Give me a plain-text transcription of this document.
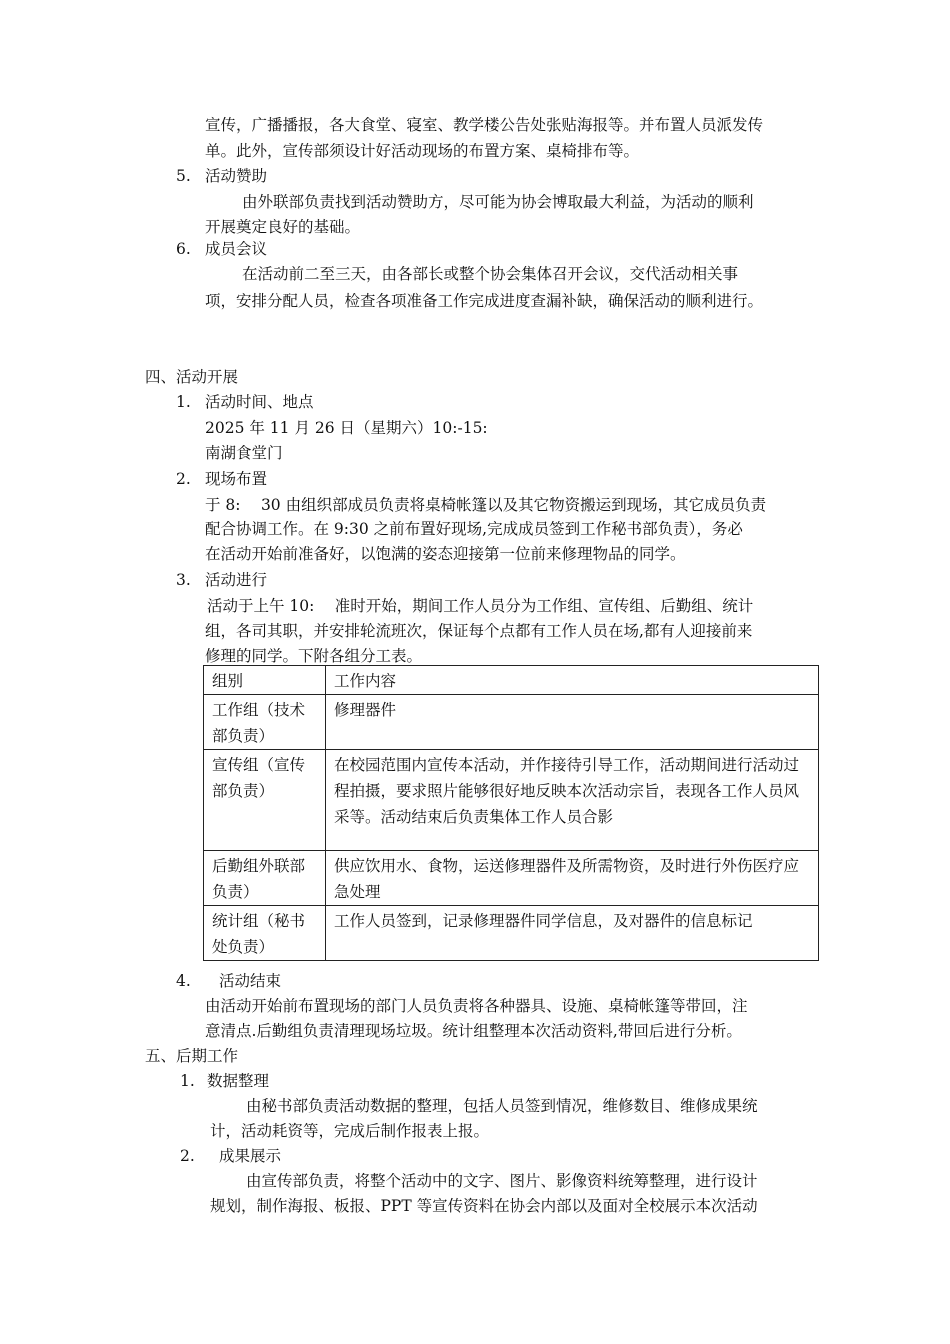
宣传，广播播报，各大食堂、寝室、教学楼公告处张贴海报等。并布置人员派发传
单。此外，宣传部须设计好活动现场的布置方案、桌椅排布等。
5. 活动赞助
由外联部负责找到活动赞助方，尽可能为协会博取最大利益，为活动的顺利
开展奠定良好的基础。
6. 成员会议
在活动前二至三天，由各部长或整个协会集体召开会议，交代活动相关事
项，安排分配人员，检查各项准备工作完成进度查漏补缺，确保活动的顺利进行。
四、活动开展
1. 活动时间、地点
2025 年 11 月 26 日（星期六）10:-15:
南湖食堂门
2. 现场布置
于 8:　 30 由组织部成员负责将桌椅帐篷以及其它物资搬运到现场，其它成员负责
配合协调工作。在 9:30 之前布置好现场,完成成员签到工作秘书部负责），务必
在活动开始前准备好，以饱满的姿态迎接第一位前来修理物品的同学。
3. 活动进行
活动于上午 10:　 准时开始，期间工作人员分为工作组、宣传组、后勤组、统计
组，各司其职，并安排轮流班次，保证每个点都有工作人员在场,都有人迎接前来
修理的同学。下附各组分工表。
组别	工作内容
工作组（技术部负责）	修理器件
宣传组（宣传部负责）	在校园范围内宣传本活动，并作接待引导工作，活动期间进行活动过程拍摄，要求照片能够很好地反映本次活动宗旨，表现各工作人员风采等。活动结束后负责集体工作人员合影
后勤组外联部负责）	供应饮用水、食物，运送修理器件及所需物资，及时进行外伤医疗应急处理
统计组（秘书处负责）	工作人员签到，记录修理器件同学信息，及对器件的信息标记
4. 活动结束
由活动开始前布置现场的部门人员负责将各种器具、设施、桌椅帐篷等带回，注
意清点.后勤组负责清理现场垃圾。统计组整理本次活动资料,带回后进行分析。
五、后期工作
1. 数据整理
由秘书部负责活动数据的整理，包括人员签到情况，维修数目、维修成果统
计，活动耗资等，完成后制作报表上报。
2. 成果展示
由宣传部负责，将整个活动中的文字、图片、影像资料统筹整理，进行设计
规划，制作海报、板报、PPT 等宣传资料在协会内部以及面对全校展示本次活动
